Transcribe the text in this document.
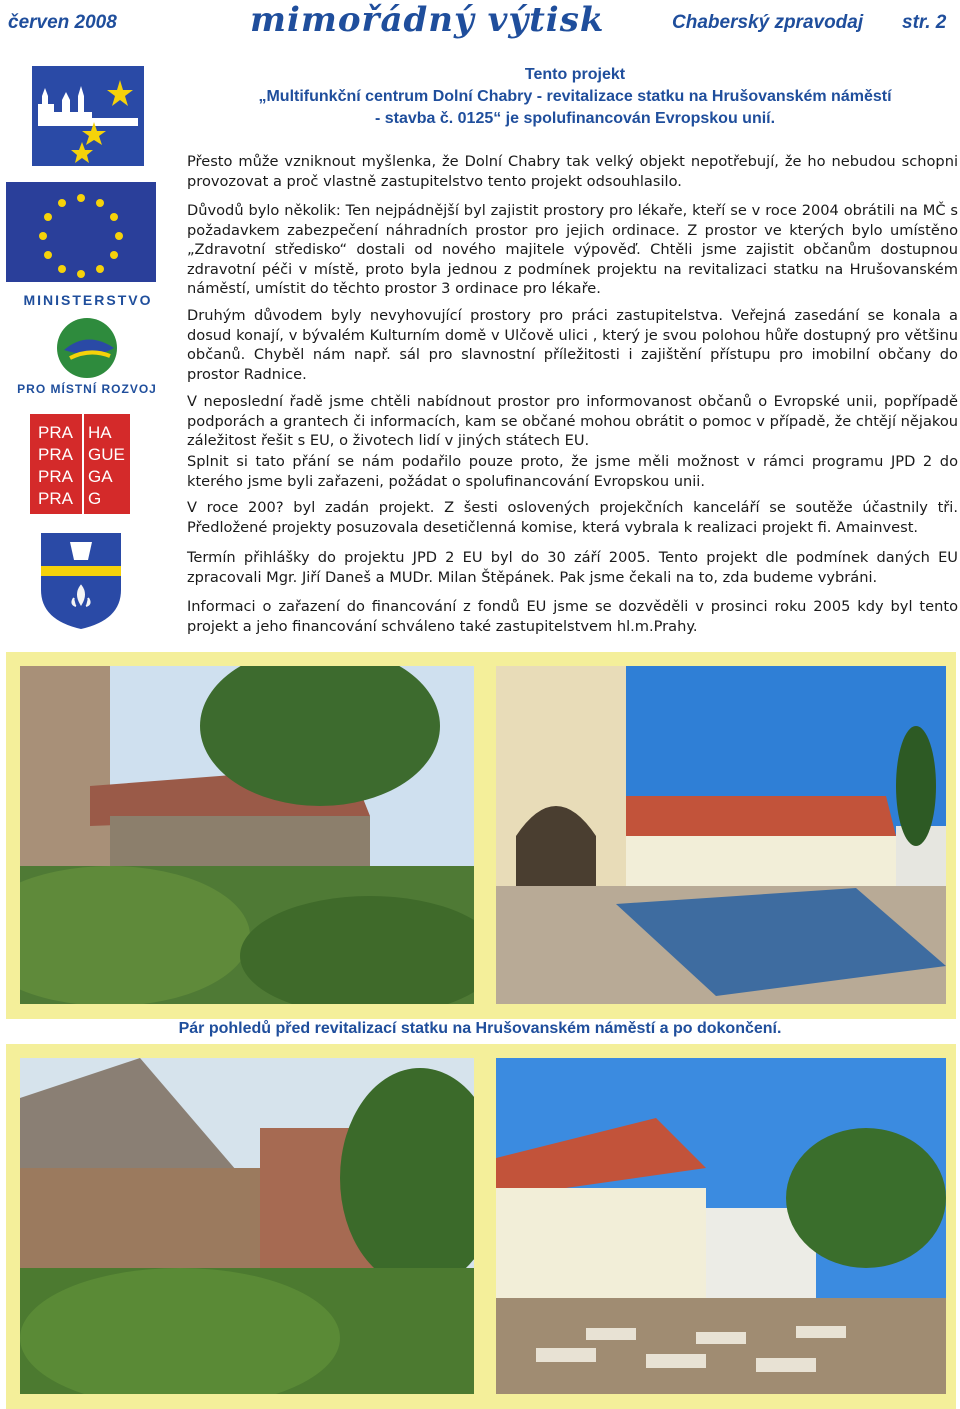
červen 2008	mimořádný výtisk	Chaberský zpravodaj str. 2
Tento projekt
„Multifunkční centrum Dolní Chabry - revitalizace statku na Hrušovanském náměstí
- stavba č. 0125“ je spolufinancován Evropskou unií.
MINISTERSTVO
PRO MÍSTNÍ ROZVOJ
PRA
PRA
PRA
PRA
HA
GUE
GA
G

Přesto může vzniknout myšlenka, že Dolní Chabry tak velký objekt nepotřebují, že ho nebudou schopni provozovat a proč vlastně zastupitelstvo tento projekt odsouhlasilo.

Důvodů bylo několik: Ten nejpádnější byl zajistit prostory pro lékaře, kteří se v roce 2004 obrátili na MČ s požadavkem zabezpečení náhradních prostor pro jejich ordinace. Z prostor ve kterých bylo umístěno „Zdravotní středisko“ dostali od nového majitele výpověď. Chtěli jsme zajistit občanům dostupnou zdravotní péči v místě, proto byla jednou z podmínek projektu na revitalizaci statku na Hrušovanském náměstí, umístit do těchto prostor 3 ordinace pro lékaře.

Druhým důvodem byly nevyhovující prostory pro práci zastupitelstva. Veřejná zasedání se konala a dosud konají, v bývalém Kulturním domě v Ulčově ulici , který je svou polohou hůře dostupný pro většinu občanů. Chyběl nám např. sál pro slavnostní příležitosti i zajištění přístupu pro imobilní občany do prostor Radnice.

V neposlední řadě jsme chtěli nabídnout prostor pro informovanost občanů o Evropské unii, popřípadě podporách a grantech či informacích, kam se občané mohou obrátit o pomoc v případě, že chtějí nějakou záležitost řešit s EU, o životech lidí v jiných státech EU.

Splnit si tato přání se nám podařilo pouze proto, že jsme měli možnost v rámci programu JPD 2 do kterého jsme byli zařazeni, požádat o spolufinancování Evropskou unii.

V roce 200? byl zadán projekt. Z šesti oslovených projekčních kanceláří se soutěže účastnily tři. Předložené projekty posuzovala desetičlenná komise, která vybrala k realizaci projekt fi. Amainvest.

Termín přihlášky do projektu JPD 2 EU byl do 30 září 2005. Tento projekt dle podmínek daných EU zpracovali Mgr. Jiří Daneš a MUDr. Milan Štěpánek. Pak jsme čekali na to, zda budeme vybráni.

Informaci o zařazení do financování z fondů EU jsme se dozvěděli v prosinci roku 2005 kdy byl tento projekt a jeho financování schváleno také zastupitelstvem hl.m.Prahy.

Pár pohledů před revitalizací statku na Hrušovanském náměstí a po dokončení.
